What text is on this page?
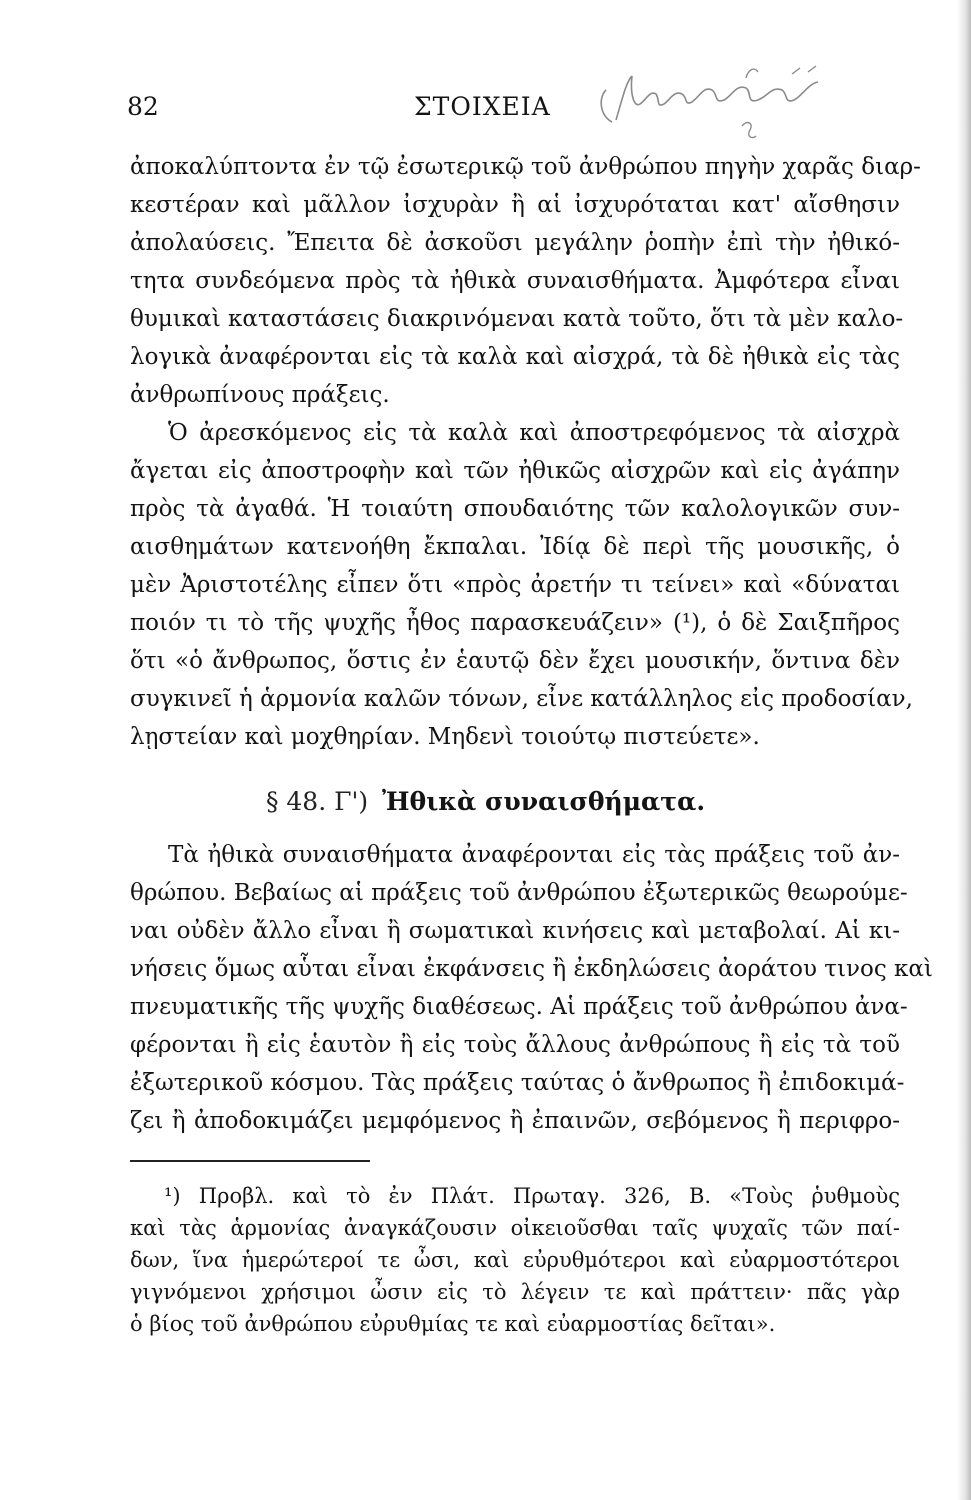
82	ΣΤΟΙΧΕΙΑ
ἀποκαλύπτοντα ἐν τῷ ἐσωτερικῷ τοῦ ἀνθρώπου πηγὴν χαρᾶς διαρ-
κεστέραν καὶ μᾶλλον ἰσχυρὰν ἢ αἱ ἰσχυρόταται κατ' αἴσθησιν
ἀπολαύσεις. Ἔπειτα δὲ ἀσκοῦσι μεγάλην ῥοπὴν ἐπὶ τὴν ἠθικό-
τητα συνδεόμενα πρὸς τὰ ἠθικὰ συναισθήματα. Ἀμφότερα εἶναι
θυμικαὶ καταστάσεις διακρινόμεναι κατὰ τοῦτο, ὅτι τὰ μὲν καλο-
λογικὰ ἀναφέρονται εἰς τὰ καλὰ καὶ αἰσχρά, τὰ δὲ ἠθικὰ εἰς τὰς
ἀνθρωπίνους πράξεις.
Ὁ ἀρεσκόμενος εἰς τὰ καλὰ καὶ ἀποστρεφόμενος τὰ αἰσχρὰ
ἄγεται εἰς ἀποστροφὴν καὶ τῶν ἠθικῶς αἰσχρῶν καὶ εἰς ἀγάπην
πρὸς τὰ ἀγαθά. Ἡ τοιαύτη σπουδαιότης τῶν καλολογικῶν συν-
αισθημάτων κατενοήθη ἔκπαλαι. Ἰδίᾳ δὲ περὶ τῆς μουσικῆς, ὁ
μὲν Ἀριστοτέλης εἶπεν ὅτι «πρὸς ἀρετήν τι τείνει» καὶ «δύναται
ποιόν τι τὸ τῆς ψυχῆς ἦθος παρασκευάζειν» (¹), ὁ δὲ Σαιξπῆρος
ὅτι «ὁ ἄνθρωπος, ὅστις ἐν ἑαυτῷ δὲν ἔχει μουσικήν, ὅντινα δὲν
συγκινεῖ ἡ ἁρμονία καλῶν τόνων, εἶνε κατάλληλος εἰς προδοσίαν,
λῃστείαν καὶ μοχθηρίαν. Μηδενὶ τοιούτῳ πιστεύετε».
§ 48. Γ') Ἠθικὰ συναισθήματα.
Τὰ ἠθικὰ συναισθήματα ἀναφέρονται εἰς τὰς πράξεις τοῦ ἀν-
θρώπου. Βεβαίως αἱ πράξεις τοῦ ἀνθρώπου ἐξωτερικῶς θεωρούμε-
ναι οὐδὲν ἄλλο εἶναι ἢ σωματικαὶ κινήσεις καὶ μεταβολαί. Αἱ κι-
νήσεις ὅμως αὗται εἶναι ἐκφάνσεις ἢ ἐκδηλώσεις ἀοράτου τινος καὶ
πνευματικῆς τῆς ψυχῆς διαθέσεως. Αἱ πράξεις τοῦ ἀνθρώπου ἀνα-
φέρονται ἢ εἰς ἑαυτὸν ἢ εἰς τοὺς ἄλλους ἀνθρώπους ἢ εἰς τὰ τοῦ
ἐξωτερικοῦ κόσμου. Τὰς πράξεις ταύτας ὁ ἄνθρωπος ἢ ἐπιδοκιμά-
ζει ἢ ἀποδοκιμάζει μεμφόμενος ἢ ἐπαινῶν, σεβόμενος ἢ περιφρο-
¹) Προβλ. καὶ τὸ ἐν Πλάτ. Πρωταγ. 326, Β. «Τοὺς ῥυθμοὺς
καὶ τὰς ἁρμονίας ἀναγκάζουσιν οἰκειοῦσθαι ταῖς ψυχαῖς τῶν παί-
δων, ἵνα ἡμερώτεροί τε ὦσι, καὶ εὐρυθμότεροι καὶ εὐαρμοστότεροι
γιγνόμενοι χρήσιμοι ὦσιν εἰς τὸ λέγειν τε καὶ πράττειν· πᾶς γὰρ
ὁ βίος τοῦ ἀνθρώπου εὐρυθμίας τε καὶ εὐαρμοστίας δεῖται».
